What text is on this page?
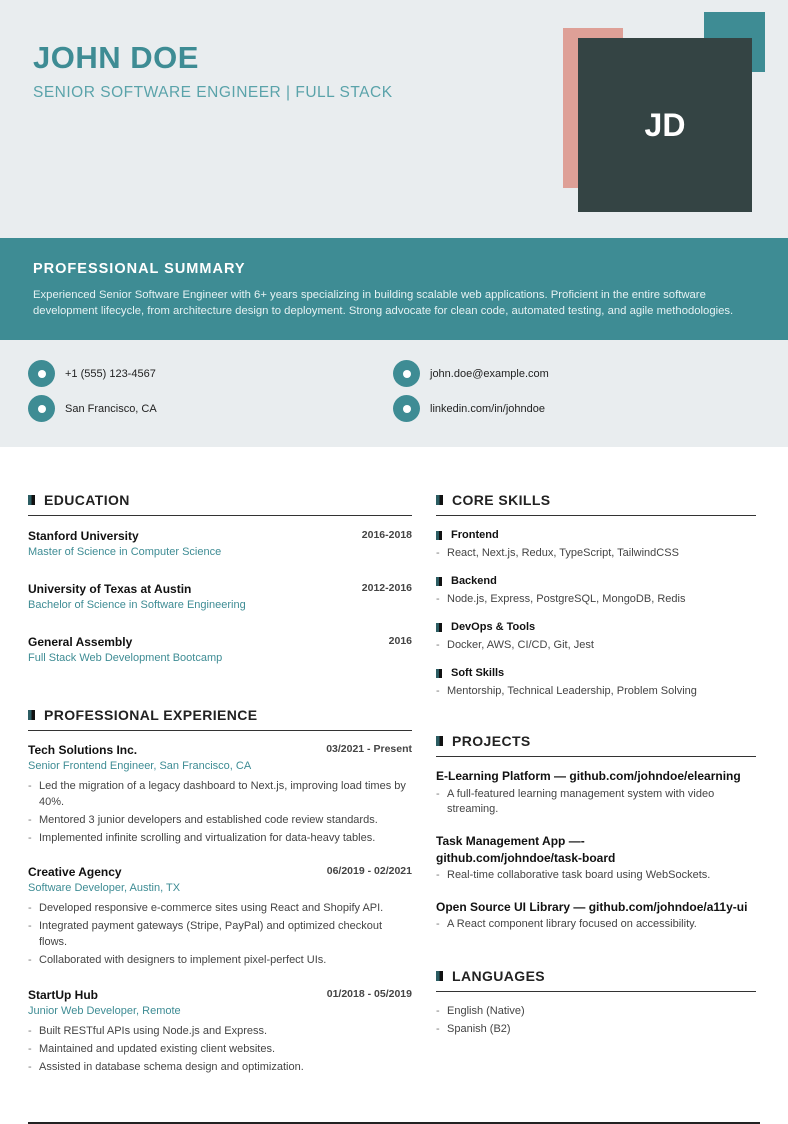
JOHN DOE
SENIOR SOFTWARE ENGINEER | FULL STACK
JD
PROFESSIONAL SUMMARY
Experienced Senior Software Engineer with 6+ years specializing in building scalable web applications. Proficient in the entire software development lifecycle, from architecture design to deployment. Strong advocate for clean code, automated testing, and agile methodologies.
+1 (555) 123-4567	john.doe@example.com
San Francisco, CA	linkedin.com/in/johndoe
EDUCATION
Stanford University
Master of Science in Computer Science
2016-2018
University of Texas at Austin
Bachelor of Science in Software Engineering
2012-2016
General Assembly
Full Stack Web Development Bootcamp
2016
PROFESSIONAL EXPERIENCE
Tech Solutions Inc.
Senior Frontend Engineer, San Francisco, CA
03/2021 - Present
- Led the migration of a legacy dashboard to Next.js, improving load times by 40%.
- Mentored 3 junior developers and established code review standards.
- Implemented infinite scrolling and virtualization for data-heavy tables.
Creative Agency
Software Developer, Austin, TX
06/2019 - 02/2021
- Developed responsive e-commerce sites using React and Shopify API.
- Integrated payment gateways (Stripe, PayPal) and optimized checkout flows.
- Collaborated with designers to implement pixel-perfect UIs.
StartUp Hub
Junior Web Developer, Remote
01/2018 - 05/2019
- Built RESTful APIs using Node.js and Express.
- Maintained and updated existing client websites.
- Assisted in database schema design and optimization.
CORE SKILLS
Frontend
- React, Next.js, Redux, TypeScript, TailwindCSS
Backend
- Node.js, Express, PostgreSQL, MongoDB, Redis
DevOps & Tools
- Docker, AWS, CI/CD, Git, Jest
Soft Skills
- Mentorship, Technical Leadership, Problem Solving
PROJECTS
E-Learning Platform — github.com/johndoe/elearning
- A full-featured learning management system with video streaming.
Task Management App —-
github.com/johndoe/task-board
- Real-time collaborative task board using WebSockets.
Open Source UI Library — github.com/johndoe/a11y-ui
- A React component library focused on accessibility.
LANGUAGES
- English (Native)
- Spanish (B2)
